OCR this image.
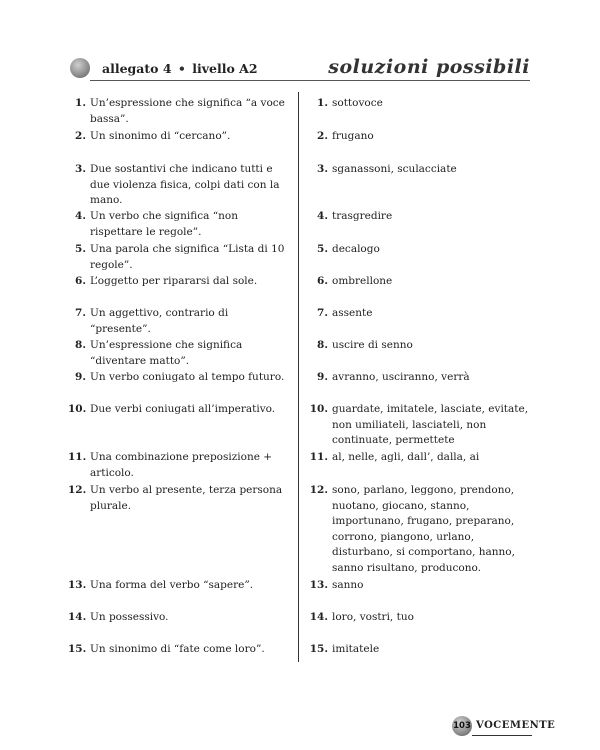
allegato 4 • livello A2	soluzioni possibili
1. Un’espressione che significa “a voce bassa”.
2. Un sinonimo di “cercano”.
3. Due sostantivi che indicano tutti e due violenza fisica, colpi dati con la mano.
4. Un verbo che significa “non rispettare le regole”.
5. Una parola che significa “Lista di 10 regole”.
6. L’oggetto per ripararsi dal sole.
7. Un aggettivo, contrario di “presente”.
8. Un’espressione che significa “diventare matto”.
9. Un verbo coniugato al tempo futuro.
10. Due verbi coniugati all’imperativo.
11. Una combinazione preposizione + articolo.
12. Un verbo al presente, terza persona plurale.
13. Una forma del verbo “sapere”.
14. Un possessivo.
15. Un sinonimo di “fate come loro”.
1. sottovoce
2. frugano
3. sganassoni, sculacciate
4. trasgredire
5. decalogo
6. ombrellone
7. assente
8. uscire di senno
9. avranno, usciranno, verrà
10. guardate, imitatele, lasciate, evitate, non umiliateli, lasciateli, non continuate, permettete
11. al, nelle, agli, dall’, dalla, ai
12. sono, parlano, leggono, prendono, nuotano, giocano, stanno, importunano, frugano, preparano, corrono, piangono, urlano, disturbano, si comportano, hanno, sanno risultano, producono.
13. sanno
14. loro, vostri, tuo
15. imitatele
103 VOCEMENTE
